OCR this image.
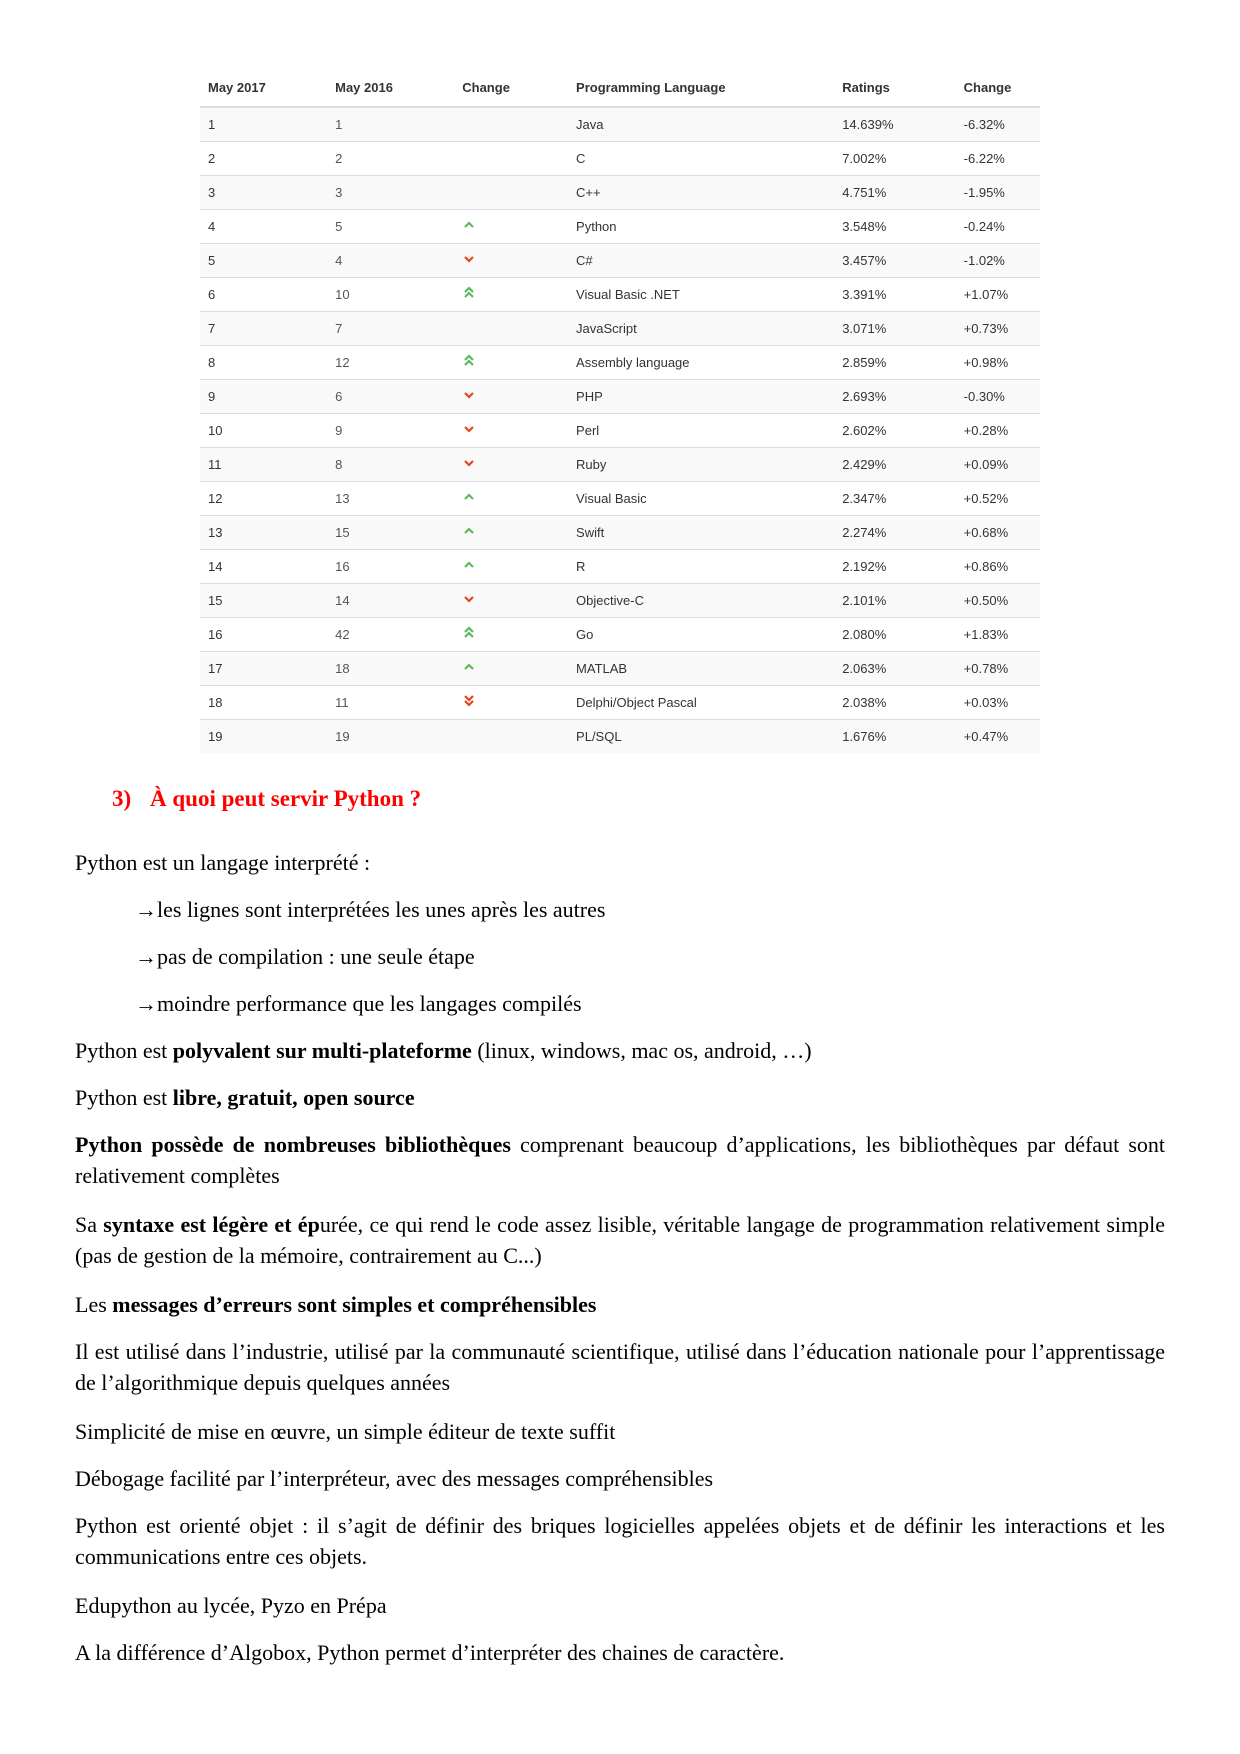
May 2017	May 2016	Change	Programming Language	Ratings	Change
1	1		Java	14.639%	-6.32%
2	2		C	7.002%	-6.22%
3	3		C++	4.751%	-1.95%
4	5		Python	3.548%	-0.24%
5	4		C#	3.457%	-1.02%
6	10		Visual Basic .NET	3.391%	+1.07%
7	7		JavaScript	3.071%	+0.73%
8	12		Assembly language	2.859%	+0.98%
9	6		PHP	2.693%	-0.30%
10	9		Perl	2.602%	+0.28%
11	8		Ruby	2.429%	+0.09%
12	13		Visual Basic	2.347%	+0.52%
13	15		Swift	2.274%	+0.68%
14	16		R	2.192%	+0.86%
15	14		Objective-C	2.101%	+0.50%
16	42		Go	2.080%	+1.83%
17	18		MATLAB	2.063%	+0.78%
18	11		Delphi/Object Pascal	2.038%	+0.03%
19	19		PL/SQL	1.676%	+0.47%
3) À quoi peut servir Python ?
Python est un langage interprété :
→les lignes sont interprétées les unes après les autres
→pas de compilation : une seule étape
→moindre performance que les langages compilés
Python est polyvalent sur multi-plateforme (linux, windows, mac os, android, …)
Python est libre, gratuit, open source
Python possède de nombreuses bibliothèques comprenant beaucoup d’applications, les bibliothèques par défaut sont relativement complètes
Sa syntaxe est légère et épurée, ce qui rend le code assez lisible, véritable langage de programmation relativement simple (pas de gestion de la mémoire, contrairement au C...)
Les messages d’erreurs sont simples et compréhensibles
Il est utilisé dans l’industrie, utilisé par la communauté scientifique, utilisé dans l’éducation nationale pour l’apprentissage de l’algorithmique depuis quelques années
Simplicité de mise en œuvre, un simple éditeur de texte suffit
Débogage facilité par l’interpréteur, avec des messages compréhensibles
Python est orienté objet : il s’agit de définir des briques logicielles appelées objets et de définir les interactions et les communications entre ces objets.
Edupython au lycée, Pyzo en Prépa
A la différence d’Algobox, Python permet d’interpréter des chaines de caractère.
